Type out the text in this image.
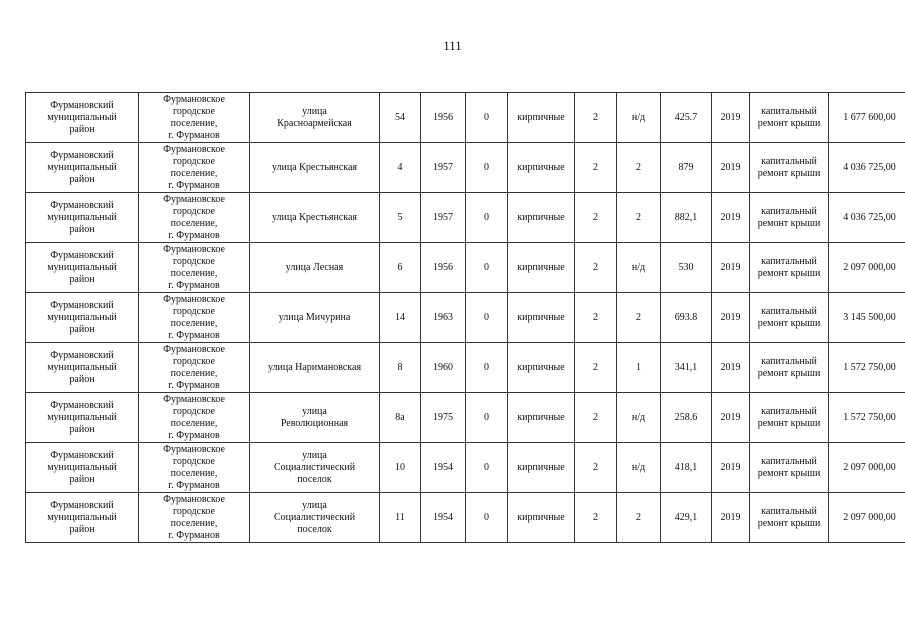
111
Фурмановский
муниципальный
район	Фурмановское
городское
поселение,
г. Фурманов	улица
Красноармейская	54	1956	0	кирпичные	2	н/д	425.7	2019	капитальный
ремонт крыши	1 677 600,00
Фурмановский
муниципальный
район	Фурмановское
городское
поселение,
г. Фурманов	улица Крестьянская	4	1957	0	кирпичные	2	2	879	2019	капитальный
ремонт крыши	4 036 725,00
Фурмановский
муниципальный
район	Фурмановское
городское
поселение,
г. Фурманов	улица Крестьянская	5	1957	0	кирпичные	2	2	882,1	2019	капитальный
ремонт крыши	4 036 725,00
Фурмановский
муниципальный
район	Фурмановское
городское
поселение,
г. Фурманов	улица Лесная	6	1956	0	кирпичные	2	н/д	530	2019	капитальный
ремонт крыши	2 097 000,00
Фурмановский
муниципальный
район	Фурмановское
городское
поселение,
г. Фурманов	улица Мичурина	14	1963	0	кирпичные	2	2	693.8	2019	капитальный
ремонт крыши	3 145 500,00
Фурмановский
муниципальный
район	Фурмановское
городское
поселение,
г. Фурманов	улица Наримановская	8	1960	0	кирпичные	2	1	341,1	2019	капитальный
ремонт крыши	1 572 750,00
Фурмановский
муниципальный
район	Фурмановское
городское
поселение,
г. Фурманов	улица
Революционная	8а	1975	0	кирпичные	2	н/д	258.6	2019	капитальный
ремонт крыши	1 572 750,00
Фурмановский
муниципальный
район	Фурмановское
городское
поселение,
г. Фурманов	улица
Социалистический
поселок	10	1954	0	кирпичные	2	н/д	418,1	2019	капитальный
ремонт крыши	2 097 000,00
Фурмановский
муниципальный
район	Фурмановское
городское
поселение,
г. Фурманов	улица
Социалистический
поселок	11	1954	0	кирпичные	2	2	429,1	2019	капитальный
ремонт крыши	2 097 000,00
